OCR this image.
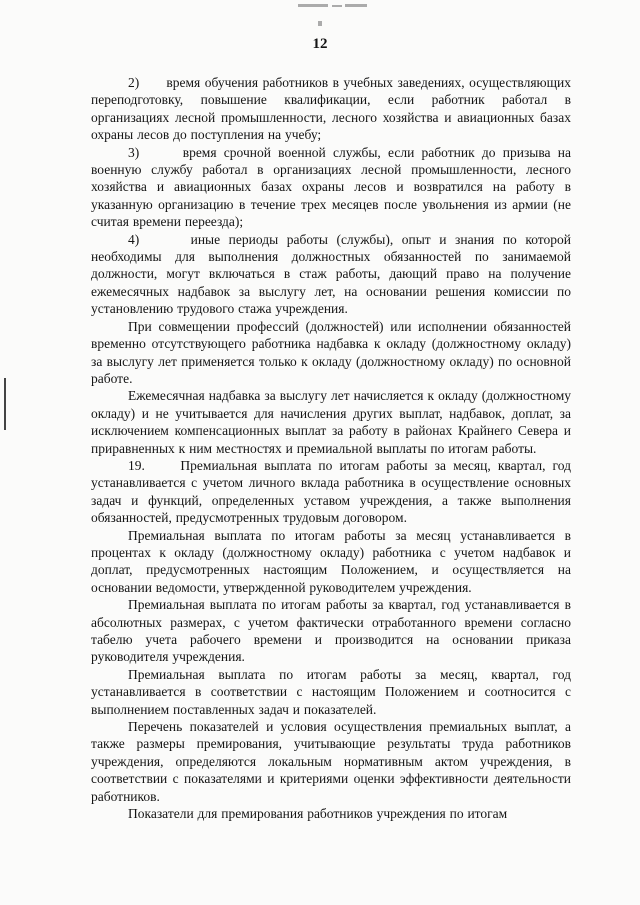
12

2)      время обучения работников в учебных заведениях, осуществляющих переподготовку, повышение квалификации, если работник работал в организациях лесной промышленности, лесного хозяйства и авиационных базах охраны лесов до поступления на учебу;

3)      время срочной военной службы, если работник до призыва на военную службу работал в организациях лесной промышленности, лесного хозяйства и авиационных базах охраны лесов и возвратился на работу в указанную организацию в течение трех месяцев после увольнения из армии (не считая времени переезда);

4)      иные периоды работы (службы), опыт и знания по которой необходимы для выполнения должностных обязанностей по занимаемой должности, могут включаться в стаж работы, дающий право на получение ежемесячных надбавок за выслугу лет, на основании решения комиссии по установлению трудового стажа учреждения.

При совмещении профессий (должностей) или исполнении обязанностей временно отсутствующего работника надбавка к окладу (должностному окладу) за выслугу лет применяется только к окладу (должностному окладу) по основной работе.

Ежемесячная надбавка за выслугу лет начисляется к окладу (должностному окладу) и не учитывается для начисления других выплат, надбавок, доплат, за исключением компенсационных выплат за работу в районах Крайнего Севера и приравненных к ним местностях и премиальной выплаты по итогам работы.

19.     Премиальная выплата по итогам работы за месяц, квартал, год устанавливается с учетом личного вклада работника в осуществление основных задач и функций, определенных уставом учреждения, а также выполнения обязанностей, предусмотренных трудовым договором.

Премиальная выплата по итогам работы за месяц устанавливается в процентах к окладу (должностному окладу) работника с учетом надбавок и доплат, предусмотренных настоящим Положением, и осуществляется на основании ведомости, утвержденной руководителем учреждения.

Премиальная выплата по итогам работы за квартал, год устанавливается в абсолютных размерах, с учетом фактически отработанного времени согласно табелю учета рабочего времени и производится на основании приказа руководителя учреждения.

Премиальная выплата по итогам работы за месяц, квартал, год устанавливается в соответствии с настоящим Положением и соотносится с выполнением поставленных задач и показателей.

Перечень показателей и условия осуществления премиальных выплат, а также размеры премирования, учитывающие результаты труда работников учреждения, определяются локальным нормативным актом учреждения, в соответствии с показателями и критериями оценки эффективности деятельности работников.

Показатели для премирования работников учреждения по итогам
